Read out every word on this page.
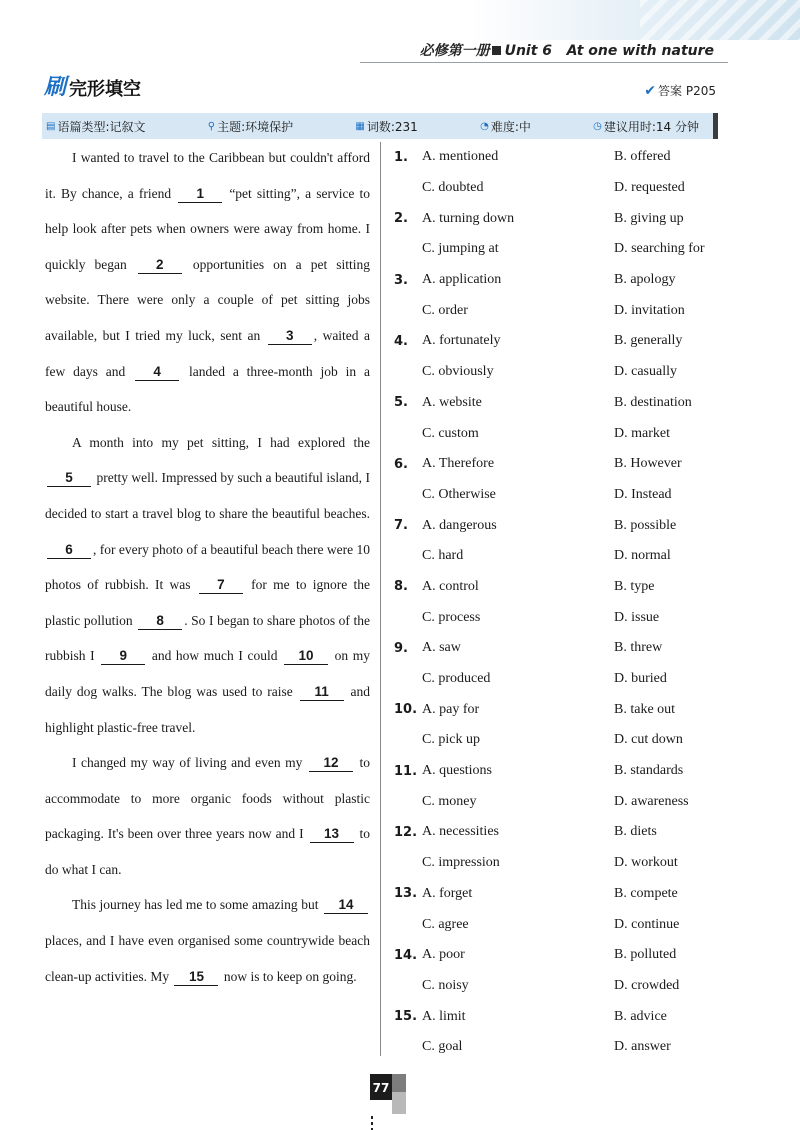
必修第一册 Unit 6 At one with nature
刷 完形填空	✔ 答案 P205
▤ 语篇类型:记叙文	⚲ 主题:环境保护	▦ 词数:231	◔ 难度:中	◷ 建议用时:14 分钟

I wanted to travel to the Caribbean but couldn't afford it. By chance, a friend 1 “pet sitting”, a service to help look after pets when owners were away from home. I quickly began 2 opportunities on a pet sitting website. There were only a couple of pet sitting jobs available, but I tried my luck, sent an 3 , waited a few days and 4 landed a three-month job in a beautiful house.

A month into my pet sitting, I had explored the 5 pretty well. Impressed by such a beautiful island, I decided to start a travel blog to share the beautiful beaches. 6 , for every photo of a beautiful beach there were 10 photos of rubbish. It was 7 for me to ignore the plastic pollution 8 . So I began to share photos of the rubbish I 9 and how much I could 10 on my daily dog walks. The blog was used to raise 11 and highlight plastic-free travel.

I changed my way of living and even my 12 to accommodate to more organic foods without plastic packaging. It's been over three years now and I 13 to do what I can.

This journey has led me to some amazing but 14 places, and I have even organised some countrywide beach clean-up activities. My 15 now is to keep on going.

1.	A. mentioned	B. offered
C. doubted	D. requested
2.	A. turning down	B. giving up
C. jumping at	D. searching for
3.	A. application	B. apology
C. order	D. invitation
4.	A. fortunately	B. generally
C. obviously	D. casually
5.	A. website	B. destination
C. custom	D. market
6.	A. Therefore	B. However
C. Otherwise	D. Instead
7.	A. dangerous	B. possible
C. hard	D. normal
8.	A. control	B. type
C. process	D. issue
9.	A. saw	B. threw
C. produced	D. buried
10. A. pay for	B. take out
C. pick up	D. cut down
11. A. questions	B. standards
C. money	D. awareness
12. A. necessities	B. diets
C. impression	D. workout
13. A. forget	B. compete
C. agree	D. continue
14. A. poor	B. polluted
C. noisy	D. crowded
15. A. limit	B. advice
C. goal	D. answer
77
